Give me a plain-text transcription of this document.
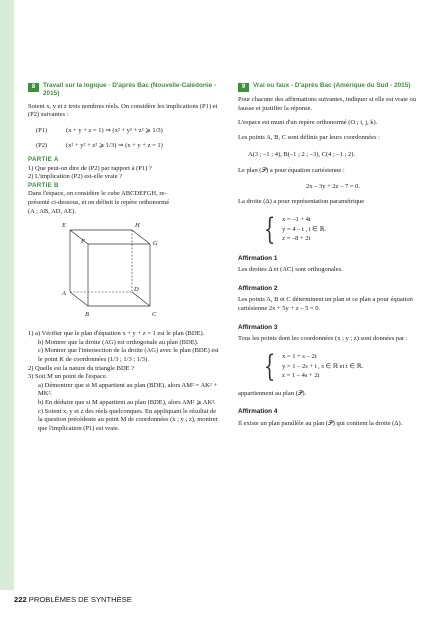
8	Travail sur la logique - D'après Bac (Nouvelle-Calédonie - 2015)

Soient x, y et z trois nombres réels. On considère les implications (P1) et (P2) suivantes :

(P1)	(x + y + z = 1) ⇒ (x² + y² + z² ⩾ 1/3)
(P2)	(x² + y² + z² ⩾ 1/3) ⇒ (x + y + z = 1)
PARTIE A

1) Que peut-on dire de (P2) par rapport à (P1) ?

2) L'implication (P2) est-elle vraie ?

PARTIE B

Dans l'espace, on considère le cube ABCDEFGH, re-

présenté ci-dessous, et on définit le repère orthonormé

(A ; AB, AD, AE).

E	H
F	G
A
D
B	C

1) a) Vérifier que le plan d'équation x + y + z = 1 est le plan (BDE).

b) Montrer que la droite (AG) est orthogonale au plan (BDE).

c) Montrer que l'intersection de la droite (AG) avec le plan (BDE) est le point K de coordonnées (1/3 ; 1/3 ; 1/3).

2) Quelle est la nature du triangle BDE ?

3) Soit M un point de l'espace.

a) Démontrer que si M appartient au plan (BDE), alors AM² = AK² + MK².

b) En déduire que si M appartient au plan (BDE), alors AM² ⩾ AK².

c) Soient x, y et z des réels quelconques. En appliquant le résultat de la question précédente au point M de coordonnées (x ; y ; z), montrer que l'implication (P1) est vraie.

9	Vrai ou faux - D'après Bac (Amérique du Sud - 2015)

Pour chacune des affirmations suivantes, indiquer si elle est vraie ou fausse et justifier la réponse.

L'espace est muni d'un repère orthonormé (O ; i, j, k).

Les points A, B, C sont définis par leurs coordonnées :

A(3 ; –1 ; 4), B(–1 ; 2 ; –3), C(4 ; –1 ; 2).

Le plan (𝒫) a pour équation cartésienne :

2x – 3y + 2z – 7 = 0.

La droite (Δ) a pour représentation paramétrique

{ x = –1 + 4t
y = 4 – t , t ∈ ℝ.
z = –8 + 2t
Affirmation 1

Les droites Δ et (AC) sont orthogonales.

Affirmation 2

Les points A, B et C déterminent un plan et ce plan a pour équation cartésienne 2x + 5y + z – 5 = 0.

Affirmation 3

Tous les points dont les coordonnées (x ; y ; z) sont données par :

{ x = 1 + s – 2t
y = 1 – 2s + t , s ∈ ℝ et t ∈ ℝ.
z = 1 – 4s + 2t

appartiennent au plan (𝒫).

Affirmation 4

Il existe un plan parallèle au plan (𝒫) qui contient la droite (Δ).

222 PROBLÈMES DE SYNTHÈSE
